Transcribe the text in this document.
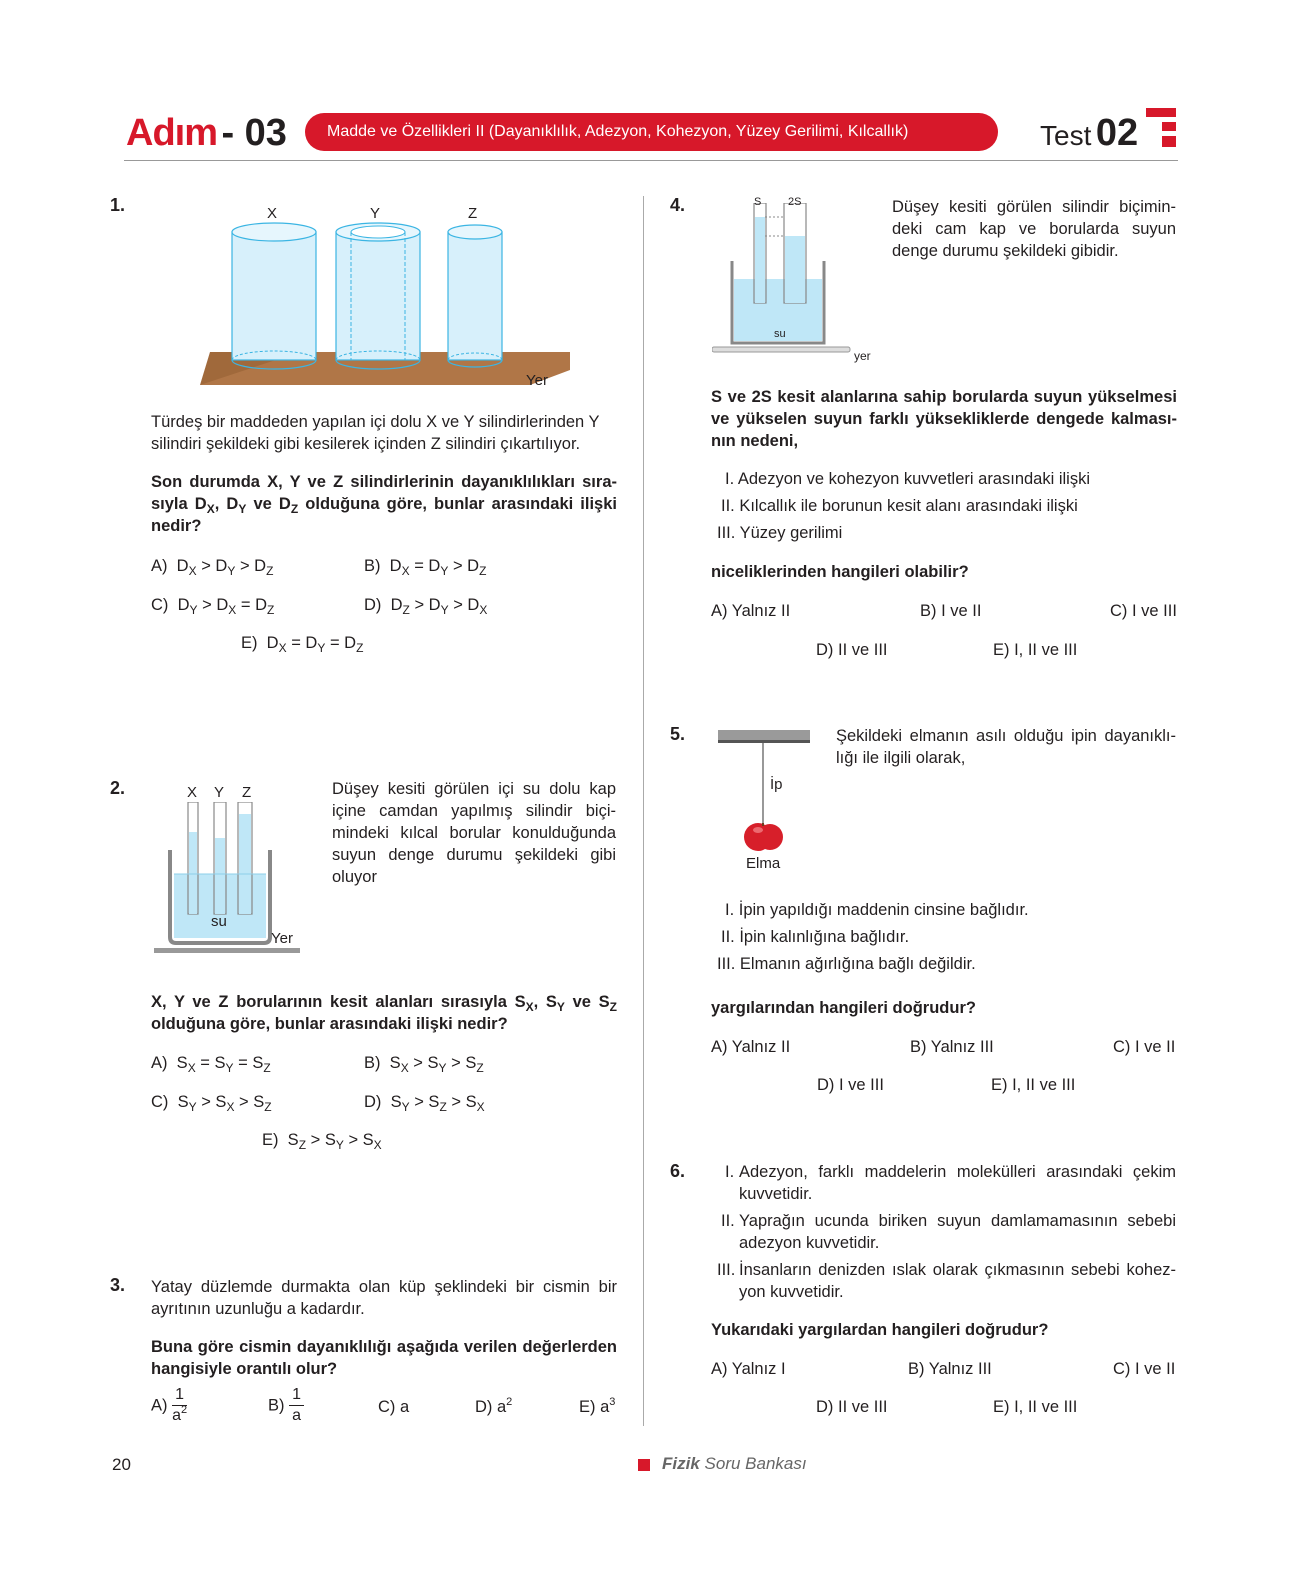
Adım - 03	Madde ve Özellikleri II (Dayanıklılık, Adezyon, Kohezyon, Yüzey Gerilimi, Kılcallık)	Test 02
1.	X	Y	Z
Yer
Türdeş bir maddeden yapılan içi dolu X ve Y silindirlerinden Y silindiri şekildeki gibi kesilerek içinden Z silindiri çıkartılıyor.
Son durumda X, Y ve Z silindirlerinin dayanıklılıkları sıra- sıyla $D_X$, $D_Y$ ve $D_Z$ olduğuna göre, bunlar arasındaki ilişki nedir?
A)  $D_X > D_Y > D_Z$	B)  $D_X = D_Y > D_Z$
C)  $D_Y > D_X = D_Z$	D)  $D_Z > D_Y > D_X$
E)  $D_X = D_Y = D_Z$
2.	X Y Z
su
Yer
Düşey kesiti görülen içi su dolu kap içine camdan yapılmış silindir biçi- mindeki kılcal borular konulduğunda suyun denge durumu şekildeki gibi oluyor
X, Y ve Z borularının kesit alanları sırasıyla $S_X$, $S_Y$ ve $S_Z$ olduğuna göre, bunlar arasındaki ilişki nedir?
A)  $S_X = S_Y = S_Z$	B)  $S_X > S_Y > S_Z$
C)  $S_Y > S_X > S_Z$	D)  $S_Y > S_Z > S_X$
E)  $S_Z > S_Y > S_X$
3. Yatay düzlemde durmakta olan küp şeklindeki bir cismin bir ayrıtının uzunluğu a kadardır.
Buna göre cismin dayanıklılığı aşağıda verilen değerlerden hangisiyle orantılı olur?
$A) \frac{1}{a^2}$	$B) \frac{1}{a}$	C) a	D) $a^2$	E) $a^3$
4.	S 2S
su
yer
Düşey kesiti görülen silindir biçimin- deki cam kap ve borularda suyun denge durumu şekildeki gibidir.
S ve 2S kesit alanlarına sahip borularda suyun yükselmesi ve yükselen suyun farklı yüksekliklerde dengede kalması- nın nedeni,
I. Adezyon ve kohezyon kuvvetleri arasındaki ilişki
II. Kılcallık ile borunun kesit alanı arasındaki ilişki
III. Yüzey gerilimi
niceliklerinden hangileri olabilir?
A) Yalnız II	B) I ve II	C) I ve III
D) II ve III	E) I, II ve III
5.
İp
Elma
Şekildeki elmanın asılı olduğu ipin dayanıklı- lığı ile ilgili olarak,
I. İpin yapıldığı maddenin cinsine bağlıdır.
II. İpin kalınlığına bağlıdır.
III. Elmanın ağırlığına bağlı değildir.
yargılarından hangileri doğrudur?
A) Yalnız II	B) Yalnız III	C) I ve II
D) I ve III	E) I, II ve III
6. I. Adezyon, farklı maddelerin molekülleri arasındaki çekim kuvvetidir.
II. Yaprağın ucunda biriken suyun damlamamasının sebebi adezyon kuvvetidir.
III. İnsanların denizden ıslak olarak çıkmasının sebebi kohez- yon kuvvetidir.
Yukarıdaki yargılardan hangileri doğrudur?
A) Yalnız I	B) Yalnız III	C) I ve II
D) II ve III	E) I, II ve III
20	Fizik Soru Bankası
